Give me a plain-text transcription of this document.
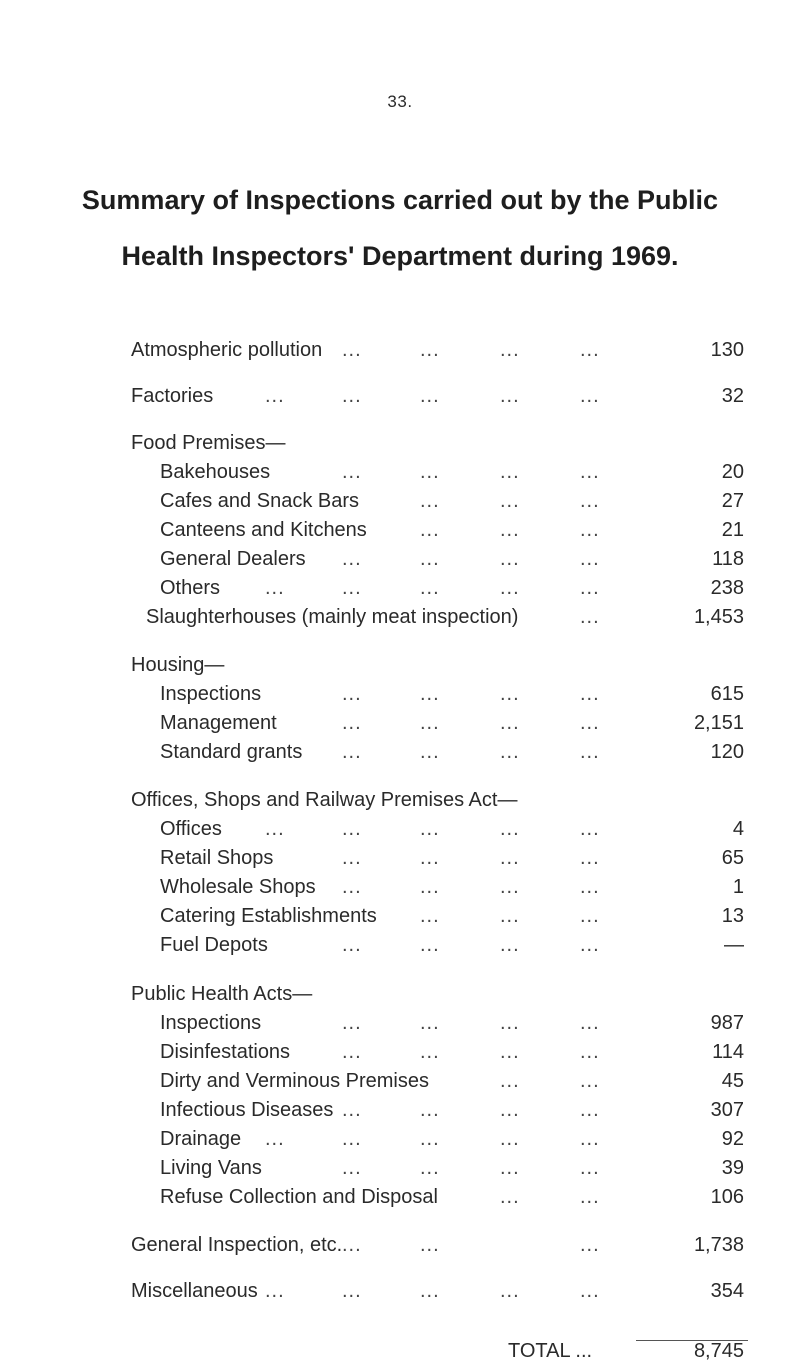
33.
Summary of Inspections carried out by the Public
Health Inspectors' Department during 1969.
Atmospheric pollution ...	...	...	...	130
Factories	...	...	...	...	...	32
Food Premises—
Bakehouses	...	...	...	...	20
Cafes and Snack Bars	...	...	...	27
Canteens and Kitchens	...	...	...	21
General Dealers ...	...	...	...	118
Others ...	...	...	...	...	238
Slaughterhouses (mainly meat inspection)	...	1,453
Housing—
Inspections	...	...	...	...	615
Management	...	...	...	...	2,151
Standard grants ...	...	...	...	120
Offices, Shops and Railway Premises Act—
Offices ...	...	...	...	...	4
Retail Shops	...	...	...	...	65
Wholesale Shops ...	...	...	...	1
Catering Establishments ...	...	...	13
Fuel Depots	...	...	...	...	—
Public Health Acts—
Inspections	...	...	...	...	987
Disinfestations	...	...	...	...	114
Dirty and Verminous Premises	...	...	45
Infectious Diseases ...	...	...	...	307
Drainage ...	...	...	...	...	92
Living Vans	...	...	...	...	39
Refuse Collection and Disposal	...	...	106
General Inspection, etc. ...	...	...	1,738
Miscellaneous ...	...	...	...	...	354
TOTAL ...	8,745
